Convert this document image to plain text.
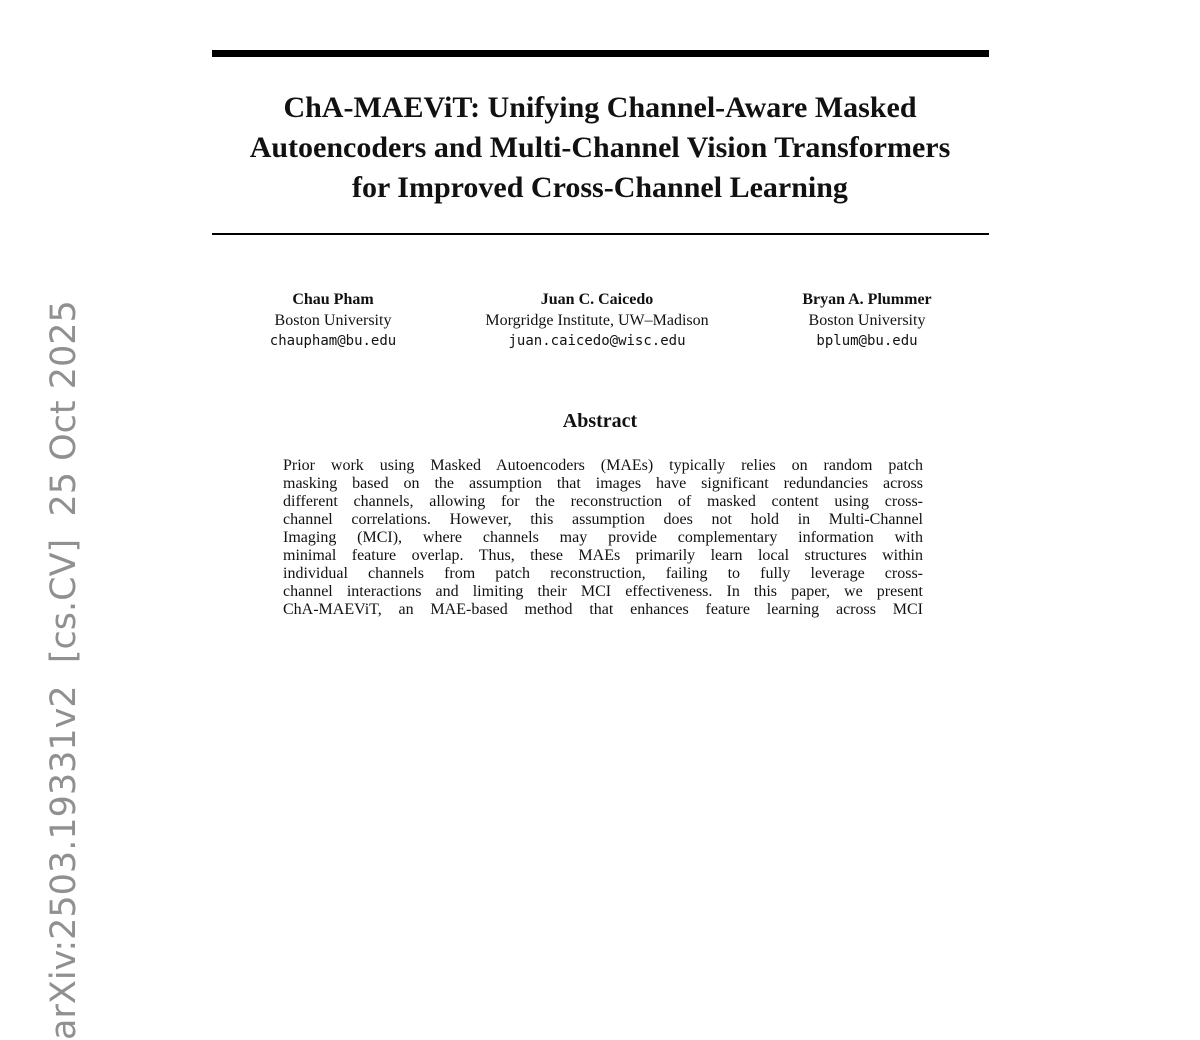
ChA-MAEViT: Unifying Channel-Aware Masked
Autoencoders and Multi-Channel Vision Transformers
for Improved Cross-Channel Learning
Chau Pham
Boston University
chaupham@bu.edu
Juan C. Caicedo
Morgridge Institute, UW–Madison
juan.caicedo@wisc.edu
Bryan A. Plummer
Boston University
bplum@bu.edu
Abstract
Prior work using Masked Autoencoders (MAEs) typically relies on random patch
masking based on the assumption that images have significant redundancies across
different channels, allowing for the reconstruction of masked content using cross-
channel correlations. However, this assumption does not hold in Multi-Channel
Imaging (MCI), where channels may provide complementary information with
minimal feature overlap. Thus, these MAEs primarily learn local structures within
individual channels from patch reconstruction, failing to fully leverage cross-
channel interactions and limiting their MCI effectiveness. In this paper, we present
ChA-MAEViT, an MAE-based method that enhances feature learning across MCI
arXiv:2503.19331v2  [cs.CV]  25 Oct 2025
